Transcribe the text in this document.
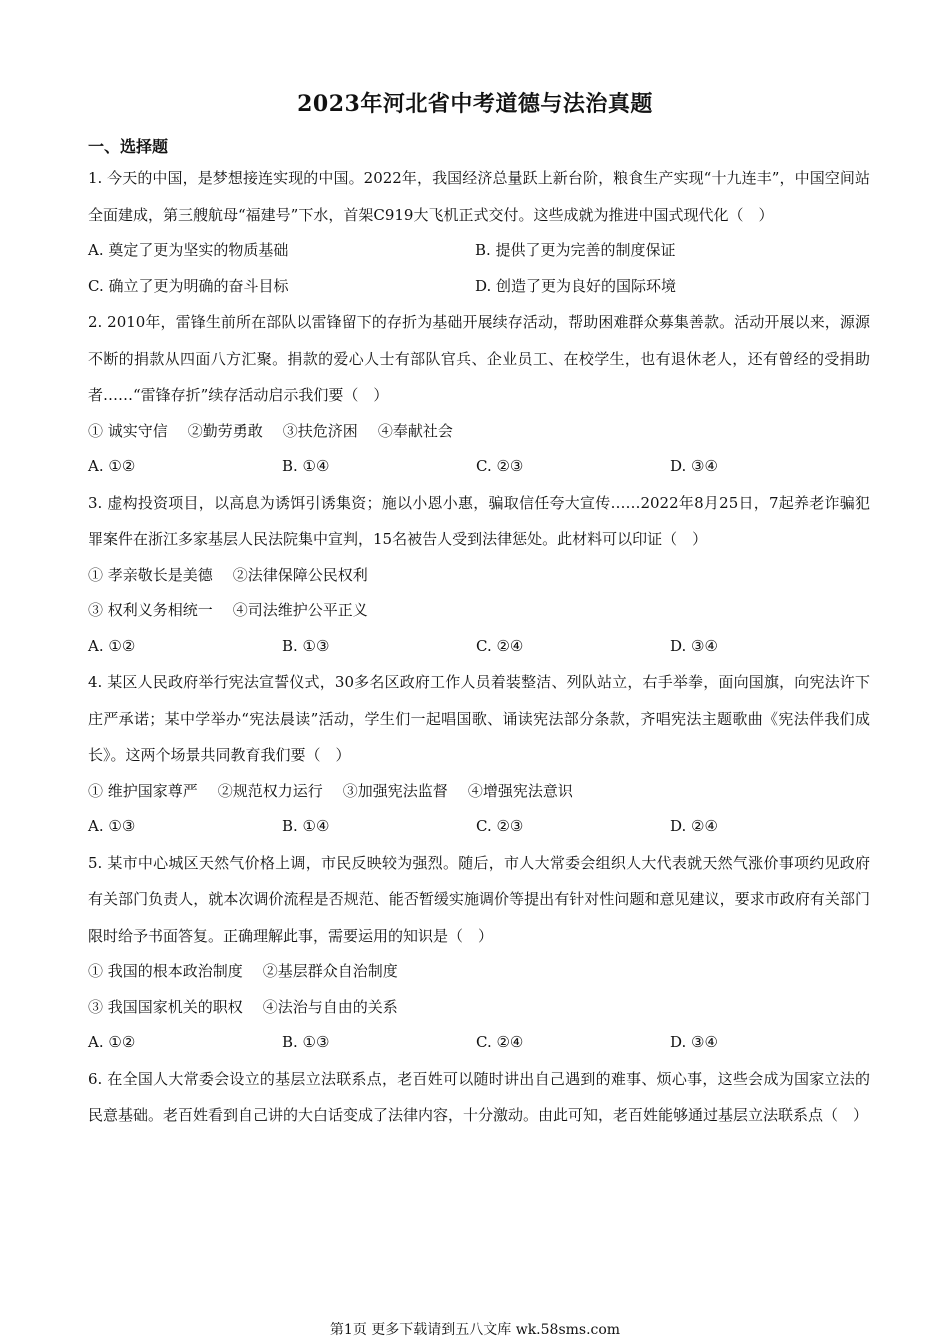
2023年河北省中考道德与法治真题
一、选择题

1. 今天的中国，是梦想接连实现的中国。2022年，我国经济总量跃上新台阶，粮食生产实现“十九连丰”，中国空间站全面建成，第三艘航母“福建号”下水，首架C919大飞机正式交付。这些成就为推进中国式现代化（　）

A. 奠定了更为坚实的物质基础	B. 提供了更为完善的制度保证
C. 确立了更为明确的奋斗目标	D. 创造了更为良好的国际环境

2. 2010年，雷锋生前所在部队以雷锋留下的存折为基础开展续存活动，帮助困难群众募集善款。活动开展以来，源源不断的捐款从四面八方汇聚。捐款的爱心人士有部队官兵、企业员工、在校学生，也有退休老人，还有曾经的受捐助者……“雷锋存折”续存活动启示我们要（　）

① 诚实守信 ②勤劳勇敢 ③扶危济困 ④奉献社会
A. ①②	B. ①④	C. ②③	D. ③④

3. 虚构投资项目，以高息为诱饵引诱集资；施以小恩小惠，骗取信任夸大宣传……2022年8月25日，7起养老诈骗犯罪案件在浙江多家基层人民法院集中宣判，15名被告人受到法律惩处。此材料可以印证（　）

① 孝亲敬长是美德 ②法律保障公民权利
③ 权利义务相统一 ④司法维护公平正义
A. ①②	B. ①③	C. ②④	D. ③④

4. 某区人民政府举行宪法宣誓仪式，30多名区政府工作人员着装整洁、列队站立，右手举拳，面向国旗，向宪法许下庄严承诺；某中学举办“宪法晨读”活动，学生们一起唱国歌、诵读宪法部分条款，齐唱宪法主题歌曲《宪法伴我们成长》。这两个场景共同教育我们要（　）

① 维护国家尊严 ②规范权力运行 ③加强宪法监督 ④增强宪法意识
A. ①③	B. ①④	C. ②③	D. ②④

5. 某市中心城区天然气价格上调，市民反映较为强烈。随后，市人大常委会组织人大代表就天然气涨价事项约见政府有关部门负责人，就本次调价流程是否规范、能否暂缓实施调价等提出有针对性问题和意见建议，要求市政府有关部门限时给予书面答复。正确理解此事，需要运用的知识是（　）

① 我国的根本政治制度 ②基层群众自治制度
③ 我国国家机关的职权 ④法治与自由的关系
A. ①②	B. ①③	C. ②④	D. ③④

6. 在全国人大常委会设立的基层立法联系点，老百姓可以随时讲出自己遇到的难事、烦心事，这些会成为国家立法的民意基础。老百姓看到自己讲的大白话变成了法律内容，十分激动。由此可知，老百姓能够通过基层立法联系点（　）

第1页 更多下载请到五八文库 wk.58sms.com
